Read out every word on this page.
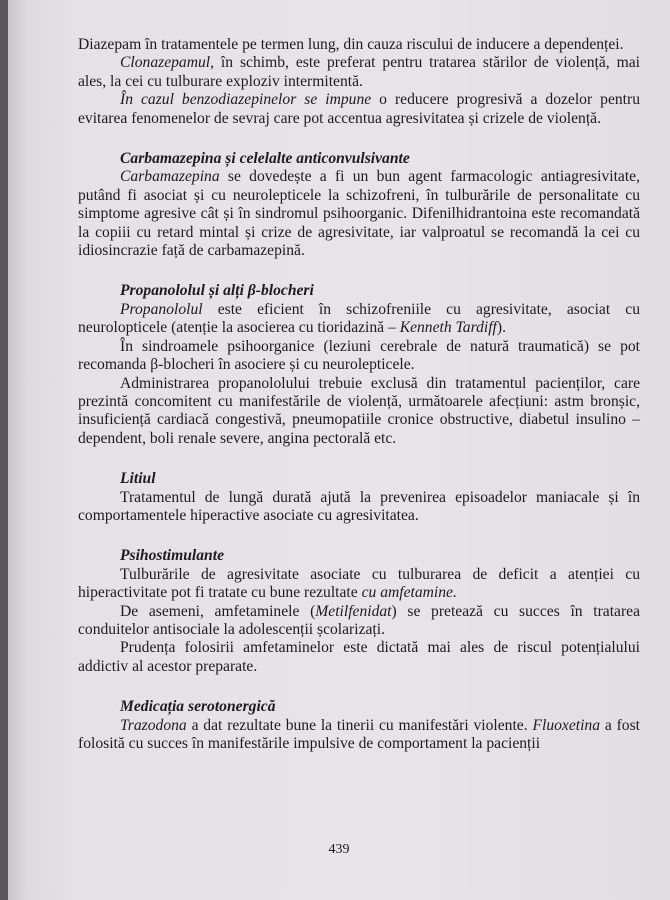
Diazepam în tratamentele pe termen lung, din cauza riscului de inducere a dependenței.

Clonazepamul, în schimb, este preferat pentru tratarea stărilor de violență, mai ales, la cei cu tulburare exploziv intermitentă.

În cazul benzodiazepinelor se impune o reducere progresivă a dozelor pentru evitarea fenomenelor de sevraj care pot accentua agresivitatea și crizele de violență.

Carbamazepina și celelalte anticonvulsivante

Carbamazepina se dovedește a fi un bun agent farmacologic antiagresivitate, putând fi asociat și cu neurolepticele la schizofreni, în tulburările de personalitate cu simptome agresive cât și în sindromul psihoorganic. Difenilhidrantoina este recomandată la copiii cu retard mintal și crize de agresivitate, iar valproatul se recomandă la cei cu idiosincrazie față de carbamazepină.

Propanololul și alți β-blocheri

Propanololul este eficient în schizofreniile cu agresivitate, asociat cu neurolopticele (atenție la asocierea cu tioridazină – Kenneth Tardiff).

În sindroamele psihoorganice (leziuni cerebrale de natură traumatică) se pot recomanda β-blocheri în asociere și cu neurolepticele.

Administrarea propanololului trebuie exclusă din tratamentul pacienților, care prezintă concomitent cu manifestările de violență, următoarele afecțiuni: astm bronșic, insuficiență cardiacă congestivă, pneumopatiile cronice obstructive, diabetul insulino – dependent, boli renale severe, angina pectorală etc.

Litiul

Tratamentul de lungă durată ajută la prevenirea episoadelor maniacale și în comportamentele hiperactive asociate cu agresivitatea.

Psihostimulante

Tulburările de agresivitate asociate cu tulburarea de deficit a atenției cu hiperactivitate pot fi tratate cu bune rezultate cu amfetamine.

De asemeni, amfetaminele (Metilfenidat) se pretează cu succes în tratarea conduitelor antisociale la adolescenții școlarizați.

Prudența folosirii amfetaminelor este dictată mai ales de riscul potențialului addictiv al acestor preparate.

Medicația serotonergică

Trazodona a dat rezultate bune la tinerii cu manifestări violente. Fluoxetina a fost folosită cu succes în manifestările impulsive de comportament la pacienții

439
